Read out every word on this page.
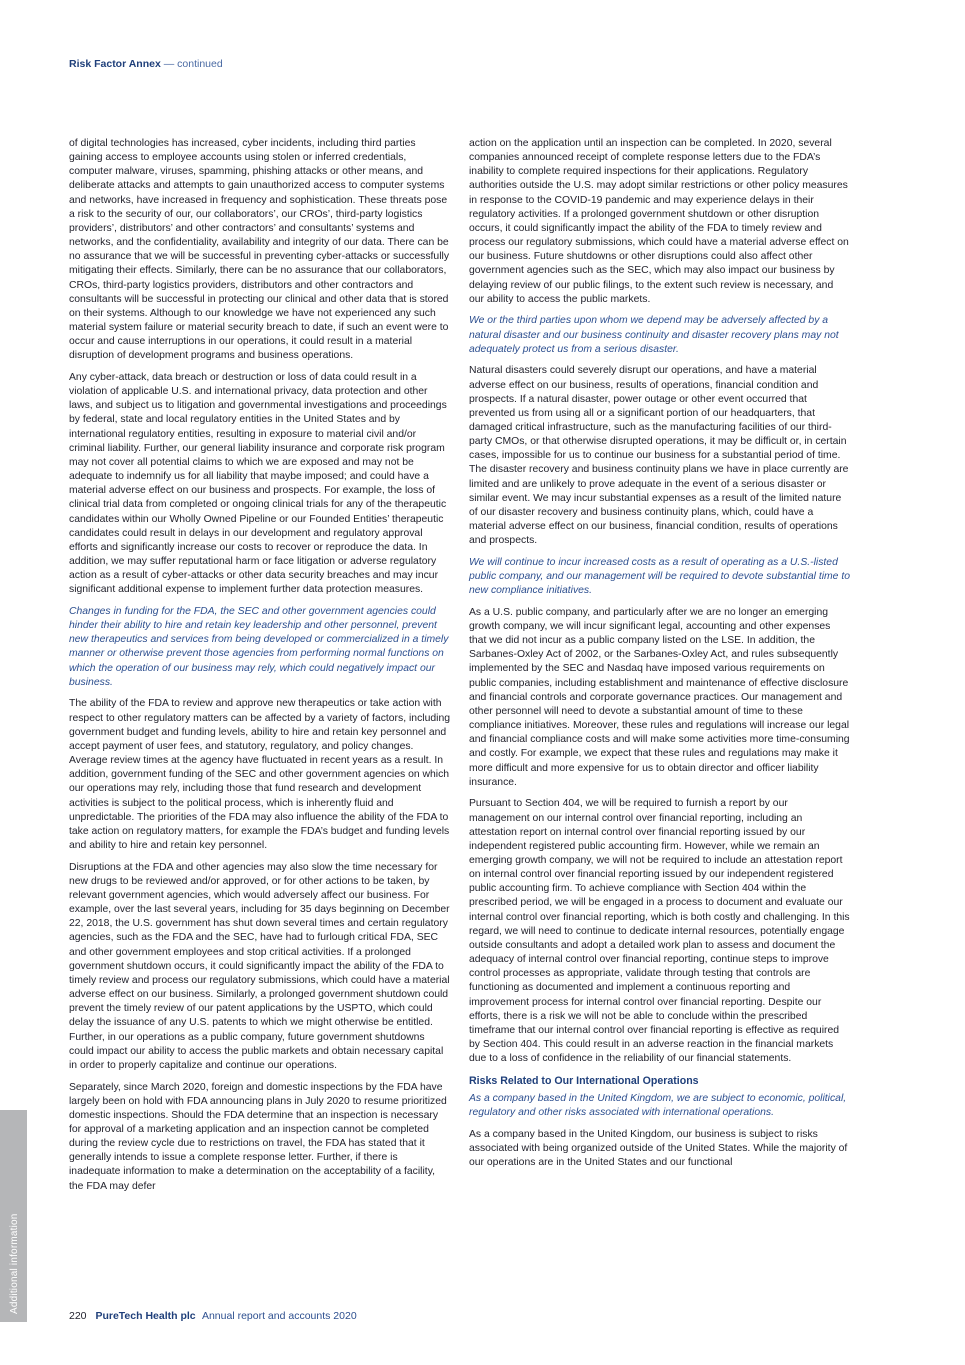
Risk Factor Annex — continued

of digital technologies has increased, cyber incidents, including third parties gaining access to employee accounts using stolen or inferred credentials, computer malware, viruses, spamming, phishing attacks or other means, and deliberate attacks and attempts to gain unauthorized access to computer systems and networks, have increased in frequency and sophistication. These threats pose a risk to the security of our, our collaborators’, our CROs’, third-party logistics providers’, distributors’ and other contractors’ and consultants’ systems and networks, and the confidentiality, availability and integrity of our data. There can be no assurance that we will be successful in preventing cyber-attacks or successfully mitigating their effects. Similarly, there can be no assurance that our collaborators, CROs, third-party logistics providers, distributors and other contractors and consultants will be successful in protecting our clinical and other data that is stored on their systems. Although to our knowledge we have not experienced any such material system failure or material security breach to date, if such an event were to occur and cause interruptions in our operations, it could result in a material disruption of development programs and business operations.

Any cyber-attack, data breach or destruction or loss of data could result in a violation of applicable U.S. and international privacy, data protection and other laws, and subject us to litigation and governmental investigations and proceedings by federal, state and local regulatory entities in the United States and by international regulatory entities, resulting in exposure to material civil and/or criminal liability. Further, our general liability insurance and corporate risk program may not cover all potential claims to which we are exposed and may not be adequate to indemnify us for all liability that maybe imposed; and could have a material adverse effect on our business and prospects. For example, the loss of clinical trial data from completed or ongoing clinical trials for any of the therapeutic candidates within our Wholly Owned Pipeline or our Founded Entities’ therapeutic candidates could result in delays in our development and regulatory approval efforts and significantly increase our costs to recover or reproduce the data. In addition, we may suffer reputational harm or face litigation or adverse regulatory action as a result of cyber-attacks or other data security breaches and may incur significant additional expense to implement further data protection measures.

Changes in funding for the FDA, the SEC and other government agencies could hinder their ability to hire and retain key leadership and other personnel, prevent new therapeutics and services from being developed or commercialized in a timely manner or otherwise prevent those agencies from performing normal functions on which the operation of our business may rely, which could negatively impact our business.

The ability of the FDA to review and approve new therapeutics or take action with respect to other regulatory matters can be affected by a variety of factors, including government budget and funding levels, ability to hire and retain key personnel and accept payment of user fees, and statutory, regulatory, and policy changes. Average review times at the agency have fluctuated in recent years as a result. In addition, government funding of the SEC and other government agencies on which our operations may rely, including those that fund research and development activities is subject to the political process, which is inherently fluid and unpredictable. The priorities of the FDA may also influence the ability of the FDA to take action on regulatory matters, for example the FDA’s budget and funding levels and ability to hire and retain key personnel.

Disruptions at the FDA and other agencies may also slow the time necessary for new drugs to be reviewed and/or approved, or for other actions to be taken, by relevant government agencies, which would adversely affect our business. For example, over the last several years, including for 35 days beginning on December 22, 2018, the U.S. government has shut down several times and certain regulatory agencies, such as the FDA and the SEC, have had to furlough critical FDA, SEC and other government employees and stop critical activities. If a prolonged government shutdown occurs, it could significantly impact the ability of the FDA to timely review and process our regulatory submissions, which could have a material adverse effect on our business. Similarly, a prolonged government shutdown could prevent the timely review of our patent applications by the USPTO, which could delay the issuance of any U.S. patents to which we might otherwise be entitled. Further, in our operations as a public company, future government shutdowns could impact our ability to access the public markets and obtain necessary capital in order to properly capitalize and continue our operations.

Separately, since March 2020, foreign and domestic inspections by the FDA have largely been on hold with FDA announcing plans in July 2020 to resume prioritized domestic inspections. Should the FDA determine that an inspection is necessary for approval of a marketing application and an inspection cannot be completed during the review cycle due to restrictions on travel, the FDA has stated that it generally intends to issue a complete response letter. Further, if there is inadequate information to make a determination on the acceptability of a facility, the FDA may defer

action on the application until an inspection can be completed. In 2020, several companies announced receipt of complete response letters due to the FDA’s inability to complete required inspections for their applications. Regulatory authorities outside the U.S. may adopt similar restrictions or other policy measures in response to the COVID-19 pandemic and may experience delays in their regulatory activities. If a prolonged government shutdown or other disruption occurs, it could significantly impact the ability of the FDA to timely review and process our regulatory submissions, which could have a material adverse effect on our business. Future shutdowns or other disruptions could also affect other government agencies such as the SEC, which may also impact our business by delaying review of our public filings, to the extent such review is necessary, and our ability to access the public markets.

We or the third parties upon whom we depend may be adversely affected by a natural disaster and our business continuity and disaster recovery plans may not adequately protect us from a serious disaster.

Natural disasters could severely disrupt our operations, and have a material adverse effect on our business, results of operations, financial condition and prospects. If a natural disaster, power outage or other event occurred that prevented us from using all or a significant portion of our headquarters, that damaged critical infrastructure, such as the manufacturing facilities of our third-party CMOs, or that otherwise disrupted operations, it may be difficult or, in certain cases, impossible for us to continue our business for a substantial period of time. The disaster recovery and business continuity plans we have in place currently are limited and are unlikely to prove adequate in the event of a serious disaster or similar event. We may incur substantial expenses as a result of the limited nature of our disaster recovery and business continuity plans, which, could have a material adverse effect on our business, financial condition, results of operations and prospects.

We will continue to incur increased costs as a result of operating as a U.S.-listed public company, and our management will be required to devote substantial time to new compliance initiatives.

As a U.S. public company, and particularly after we are no longer an emerging growth company, we will incur significant legal, accounting and other expenses that we did not incur as a public company listed on the LSE. In addition, the Sarbanes-Oxley Act of 2002, or the Sarbanes-Oxley Act, and rules subsequently implemented by the SEC and Nasdaq have imposed various requirements on public companies, including establishment and maintenance of effective disclosure and financial controls and corporate governance practices. Our management and other personnel will need to devote a substantial amount of time to these compliance initiatives. Moreover, these rules and regulations will increase our legal and financial compliance costs and will make some activities more time-consuming and costly. For example, we expect that these rules and regulations may make it more difficult and more expensive for us to obtain director and officer liability insurance.

Pursuant to Section 404, we will be required to furnish a report by our management on our internal control over financial reporting, including an attestation report on internal control over financial reporting issued by our independent registered public accounting firm. However, while we remain an emerging growth company, we will not be required to include an attestation report on internal control over financial reporting issued by our independent registered public accounting firm. To achieve compliance with Section 404 within the prescribed period, we will be engaged in a process to document and evaluate our internal control over financial reporting, which is both costly and challenging. In this regard, we will need to continue to dedicate internal resources, potentially engage outside consultants and adopt a detailed work plan to assess and document the adequacy of internal control over financial reporting, continue steps to improve control processes as appropriate, validate through testing that controls are functioning as documented and implement a continuous reporting and improvement process for internal control over financial reporting. Despite our efforts, there is a risk we will not be able to conclude within the prescribed timeframe that our internal control over financial reporting is effective as required by Section 404. This could result in an adverse reaction in the financial markets due to a loss of confidence in the reliability of our financial statements.

Risks Related to Our International Operations

As a company based in the United Kingdom, we are subject to economic, political, regulatory and other risks associated with international operations.

As a company based in the United Kingdom, our business is subject to risks associated with being organized outside of the United States. While the majority of our operations are in the United States and our functional

Additional information
220 PureTech Health plc Annual report and accounts 2020
